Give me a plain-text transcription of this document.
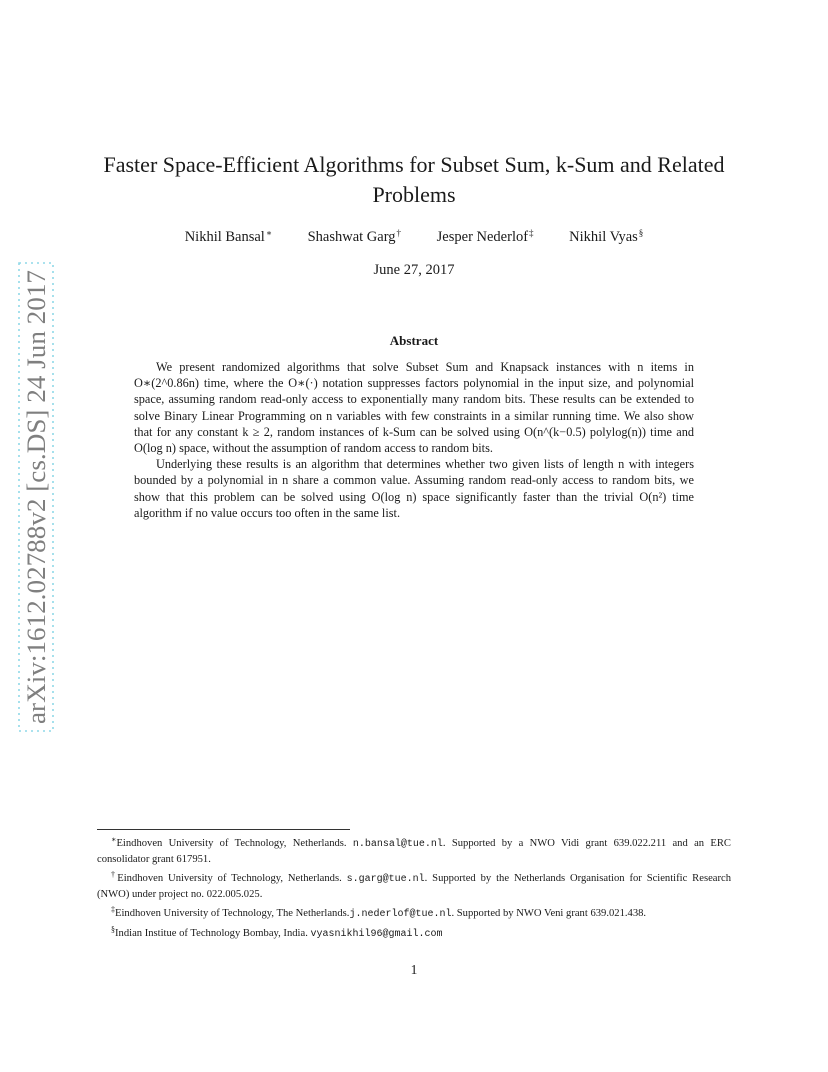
arXiv:1612.02788v2 [cs.DS] 24 Jun 2017
Faster Space-Efficient Algorithms for Subset Sum, k-Sum and Related Problems
Nikhil Bansal∗ Shashwat Garg† Jesper Nederlof‡ Nikhil Vyas§
June 27, 2017
Abstract

We present randomized algorithms that solve Subset Sum and Knapsack instances with n items in O∗(2^0.86n) time, where the O∗(·) notation suppresses factors polynomial in the input size, and polynomial space, assuming random read-only access to exponentially many random bits. These results can be extended to solve Binary Linear Programming on n variables with few constraints in a similar running time. We also show that for any constant k ≥ 2, random instances of k-Sum can be solved using O(n^(k−0.5) polylog(n)) time and O(log n) space, without the assumption of random access to random bits.

Underlying these results is an algorithm that determines whether two given lists of length n with integers bounded by a polynomial in n share a common value. Assuming random read-only access to random bits, we show that this problem can be solved using O(log n) space significantly faster than the trivial O(n²) time algorithm if no value occurs too often in the same list.

∗Eindhoven University of Technology, Netherlands. n.bansal@tue.nl. Supported by a NWO Vidi grant 639.022.211 and an ERC consolidator grant 617951.

†Eindhoven University of Technology, Netherlands. s.garg@tue.nl. Supported by the Netherlands Organisation for Scientific Research (NWO) under project no. 022.005.025.

‡Eindhoven University of Technology, The Netherlands.j.nederlof@tue.nl. Supported by NWO Veni grant 639.021.438.

§Indian Institue of Technology Bombay, India. vyasnikhil96@gmail.com

1
